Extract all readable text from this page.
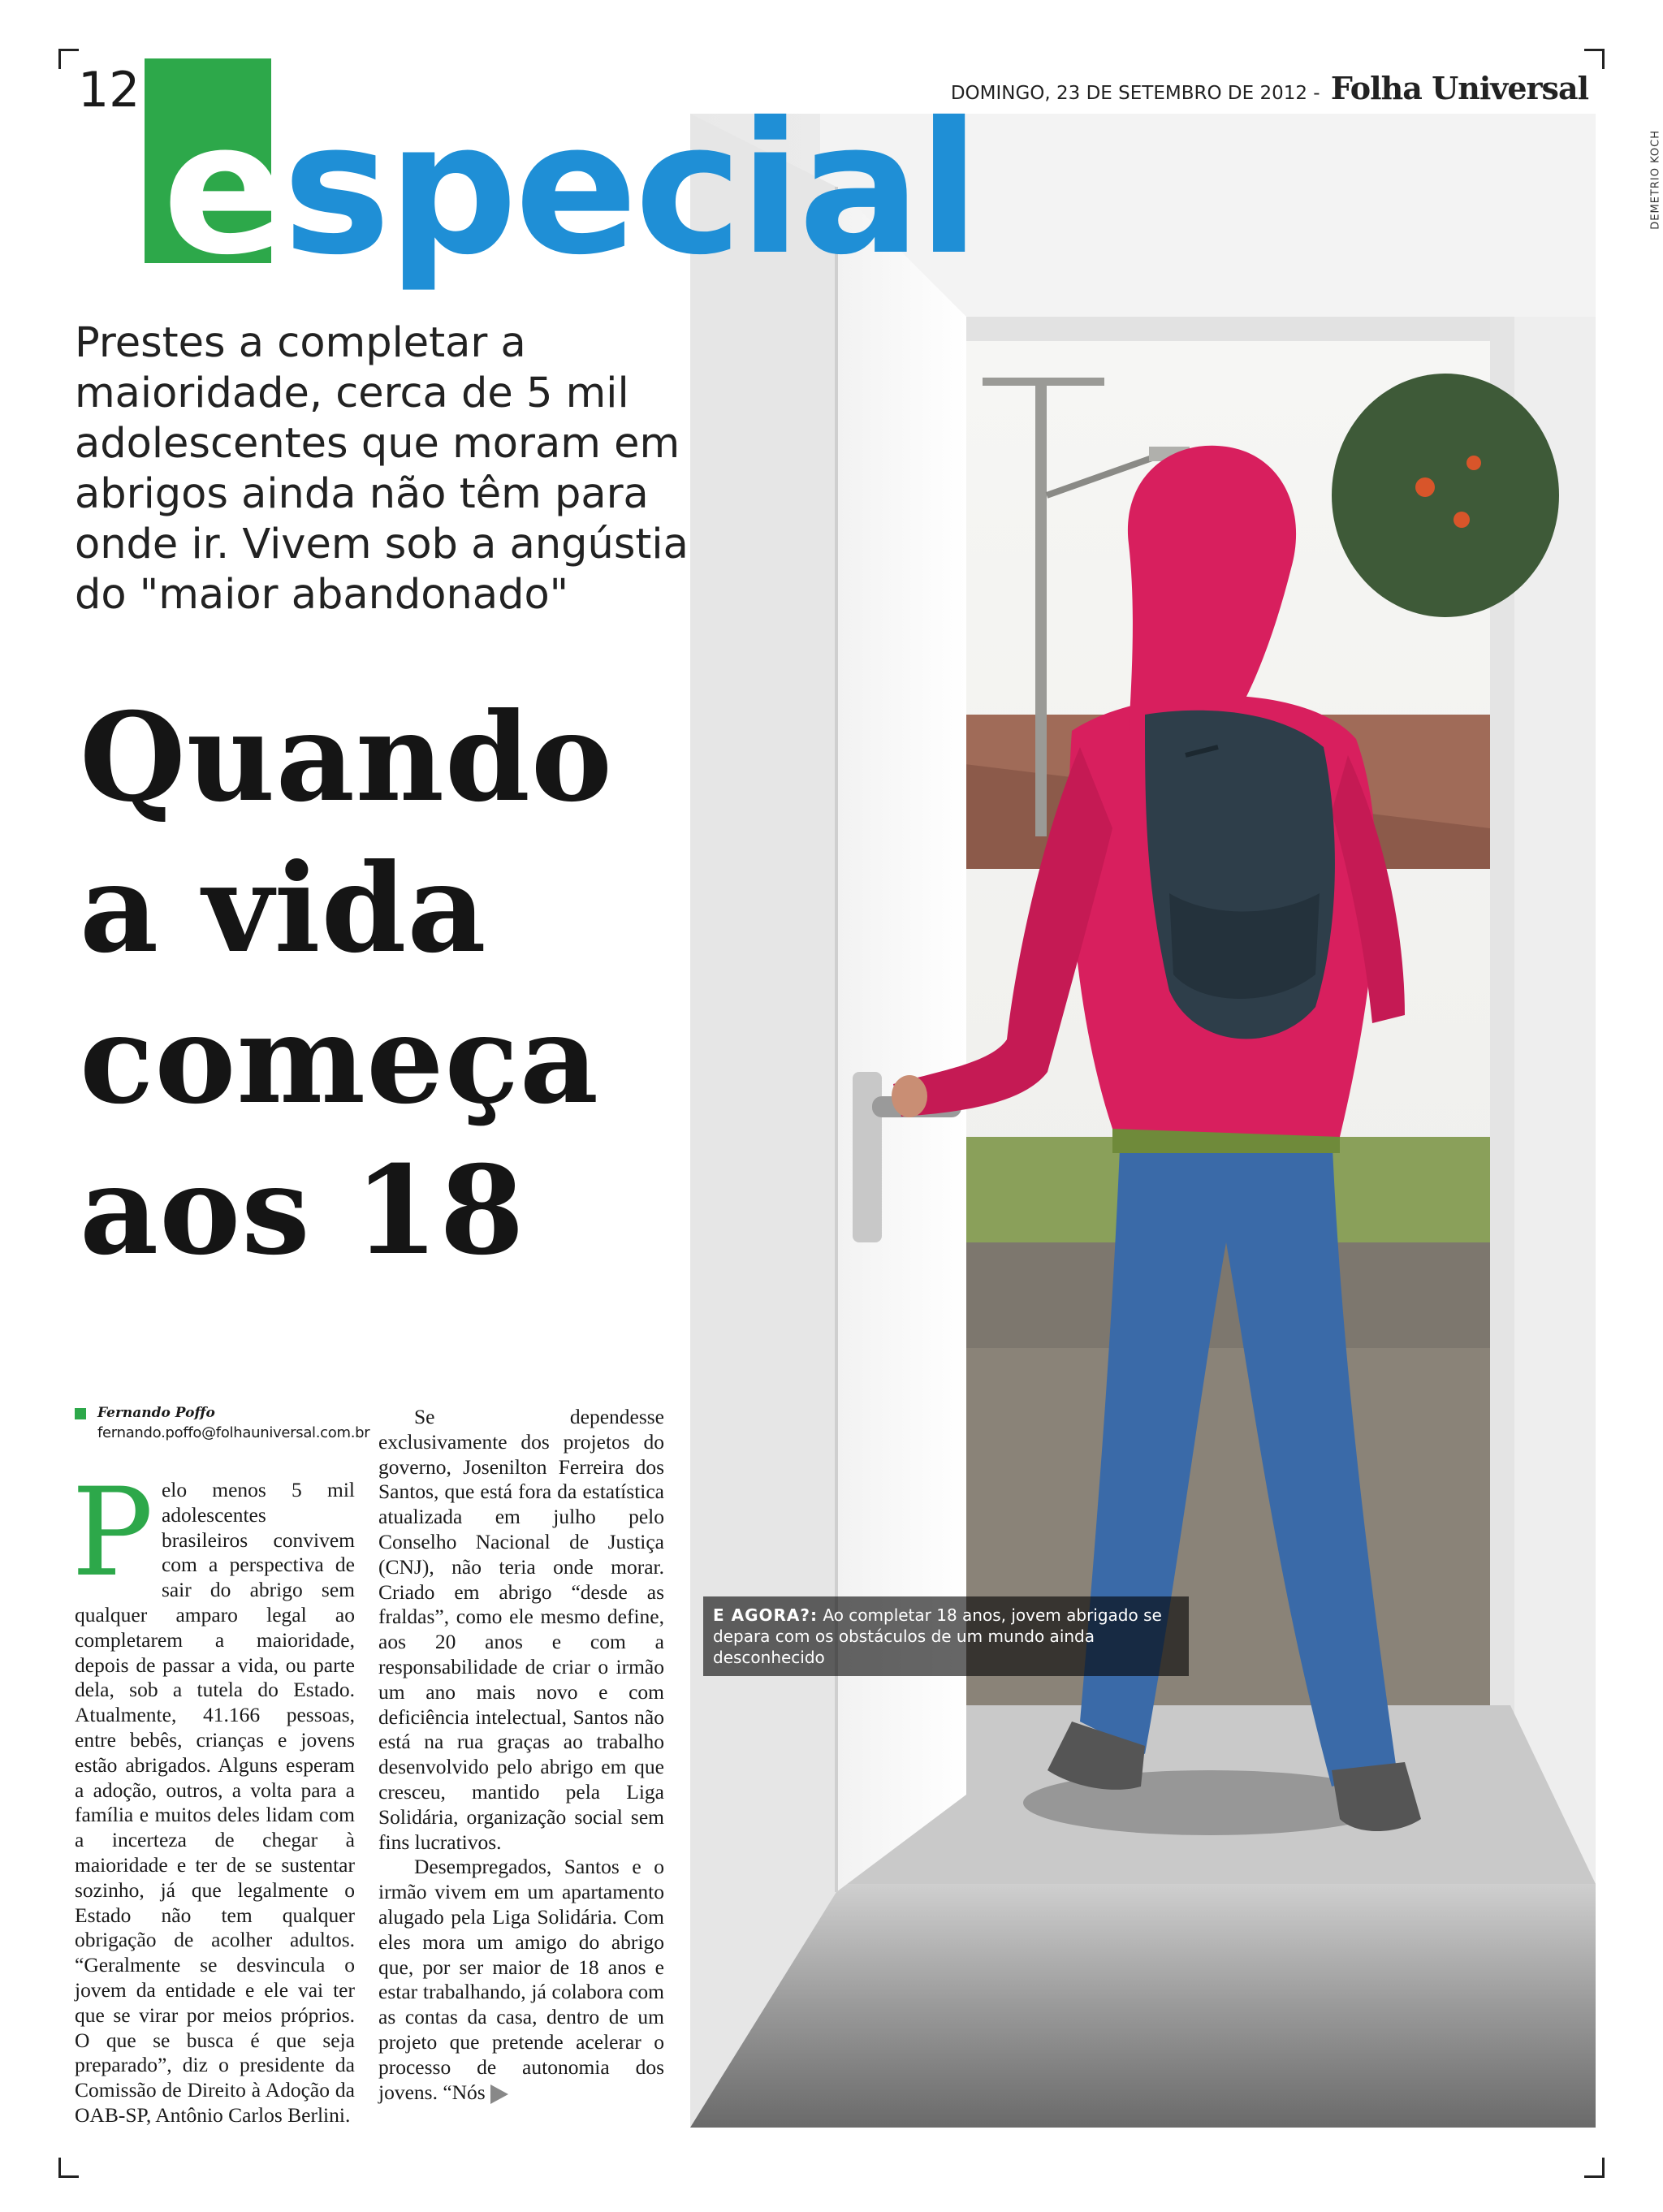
12 especial
DOMINGO, 23 DE SETEMBRO DE 2012 - Folha Universal
DEMETRIO KOCH
Prestes a completar a maioridade, cerca de 5 mil adolescentes que moram em abrigos ainda não têm para onde ir. Vivem sob a angústia do "maior abandonado"
Quando
a vida
começa
aos 18
Fernando Poffo
fernando.poffo@folhauniversal.com.br

Pelo menos 5 mil adolescentes brasileiros convivem com a perspectiva de sair do abrigo sem qualquer amparo legal ao completarem a maioridade, depois de passar a vida, ou parte dela, sob a tutela do Estado. Atualmente, 41.166 pessoas, entre bebês, crianças e jovens estão abrigados. Alguns esperam a adoção, outros, a volta para a família e muitos deles lidam com a incerteza de chegar à maioridade e ter de se sustentar sozinho, já que legalmente o Estado não tem qualquer obrigação de acolher adultos. “Geralmente se desvincula o jovem da entidade e ele vai ter que se virar por meios próprios. O que se busca é que seja preparado”, diz o presidente da Comissão de Direito à Adoção da OAB-SP, Antônio Carlos Berlini.

Se dependesse exclusivamente dos projetos do governo, Josenilton Ferreira dos Santos, que está fora da estatística atualizada em julho pelo Conselho Nacional de Justiça (CNJ), não teria onde morar. Criado em abrigo “desde as fraldas”, como ele mesmo define, aos 20 anos e com a responsabilidade de criar o irmão um ano mais novo e com deficiência intelectual, Santos não está na rua graças ao trabalho desenvolvido pelo abrigo em que cresceu, mantido pela Liga Solidária, organização social sem fins lucrativos.

Desempregados, Santos e o irmão vivem em um apartamento alugado pela Liga Solidária. Com eles mora um amigo do abrigo que, por ser maior de 18 anos e estar trabalhando, já colabora com as contas da casa, dentro de um projeto que pretende acelerar o processo de autonomia dos jovens. “Nós

E AGORA?: Ao completar 18 anos, jovem abrigado se depara com os obstáculos de um mundo ainda desconhecido
